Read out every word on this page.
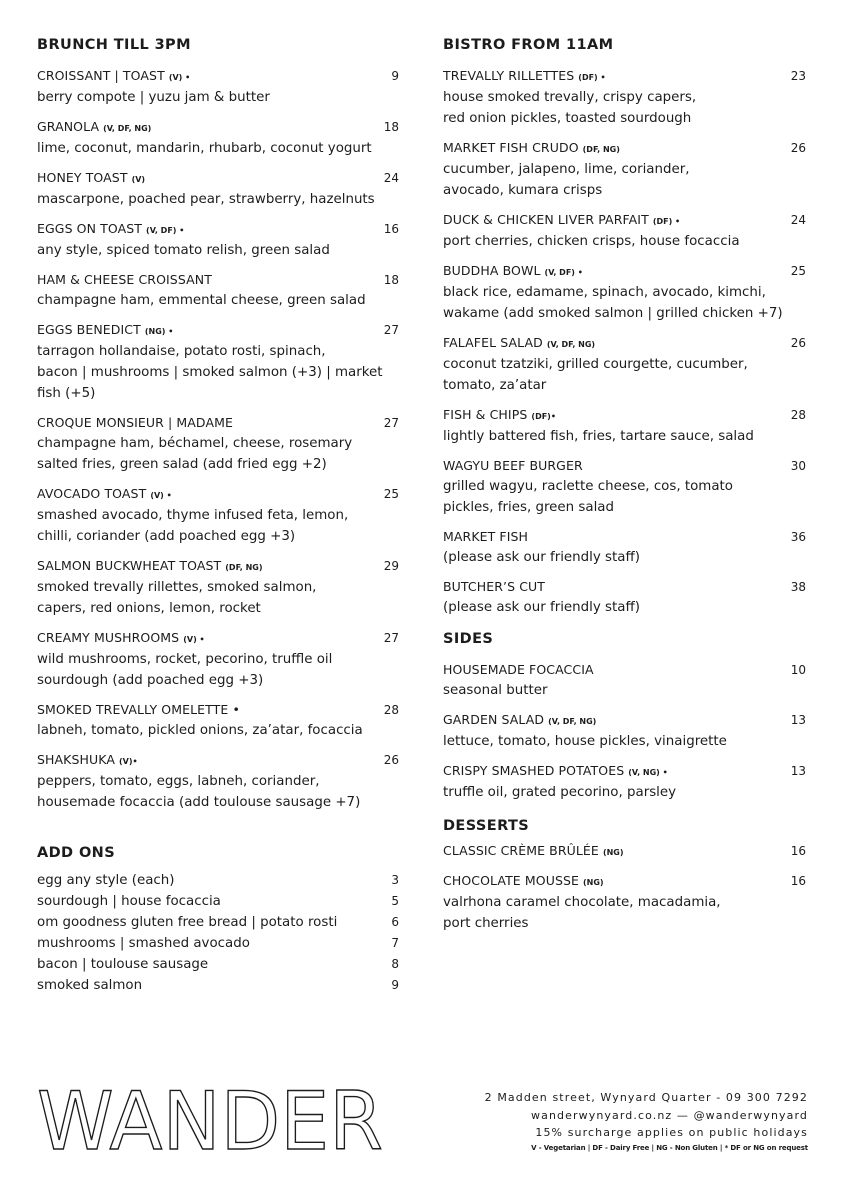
BRUNCH TILL 3PM
CROISSANT | TOAST (V) •	9
berry compote | yuzu jam & butter
GRANOLA (V, DF, NG)	18
lime, coconut, mandarin, rhubarb, coconut yogurt
HONEY TOAST (V)	24
mascarpone, poached pear, strawberry, hazelnuts
EGGS ON TOAST (V, DF) •	16
any style, spiced tomato relish, green salad
HAM & CHEESE CROISSANT	18
champagne ham, emmental cheese, green salad
EGGS BENEDICT (NG) •	27
tarragon hollandaise, potato rosti, spinach,
bacon | mushrooms | smoked salmon (+3) | market fish (+5)
CROQUE MONSIEUR | MADAME	27
champagne ham, béchamel, cheese, rosemary
salted fries, green salad (add fried egg +2)
AVOCADO TOAST (V) •	25
smashed avocado, thyme infused feta, lemon,
chilli, coriander (add poached egg +3)
SALMON BUCKWHEAT TOAST (DF, NG)	29
smoked trevally rillettes, smoked salmon,
capers, red onions, lemon, rocket
CREAMY MUSHROOMS (V) •	27
wild mushrooms, rocket, pecorino, truffle oil
sourdough (add poached egg +3)
SMOKED TREVALLY OMELETTE •	28
labneh, tomato, pickled onions, za’atar, focaccia
SHAKSHUKA (V)•	26
peppers, tomato, eggs, labneh, coriander,
housemade focaccia (add toulouse sausage +7)
ADD ONS
egg any style (each)	3
sourdough | house focaccia	5
om goodness gluten free bread | potato rosti	6
mushrooms | smashed avocado	7
bacon | toulouse sausage	8
smoked salmon	9
BISTRO FROM 11AM
TREVALLY RILLETTES (DF) •	23
house smoked trevally, crispy capers,
red onion pickles, toasted sourdough
MARKET FISH CRUDO (DF, NG)	26
cucumber, jalapeno, lime, coriander,
avocado, kumara crisps
DUCK & CHICKEN LIVER PARFAIT (DF) •	24
port cherries, chicken crisps, house focaccia
BUDDHA BOWL (V, DF) •	25
black rice, edamame, spinach, avocado, kimchi,
wakame (add smoked salmon | grilled chicken +7)
FALAFEL SALAD (V, DF, NG)	26
coconut tzatziki, grilled courgette, cucumber,
tomato, za’atar
FISH & CHIPS (DF)•	28
lightly battered fish, fries, tartare sauce, salad
WAGYU BEEF BURGER	30
grilled wagyu, raclette cheese, cos, tomato
pickles, fries, green salad
MARKET FISH	36
(please ask our friendly staff)
BUTCHER’S CUT	38
(please ask our friendly staff)
SIDES
HOUSEMADE FOCACCIA	10
seasonal butter
GARDEN SALAD (V, DF, NG)	13
lettuce, tomato, house pickles, vinaigrette
CRISPY SMASHED POTATOES (V, NG) •	13
truffle oil, grated pecorino, parsley
DESSERTS
CLASSIC CRÈME BRÛLÉE (NG)	16
CHOCOLATE MOUSSE (NG)	16
valrhona caramel chocolate, macadamia,
port cherries
WANDER	2 Madden street, Wynyard Quarter - 09 300 7292
wanderwynyard.co.nz — @wanderwynyard
15% surcharge applies on public holidays
V - Vegetarian | DF - Dairy Free | NG - Non Gluten | * DF or NG on request
